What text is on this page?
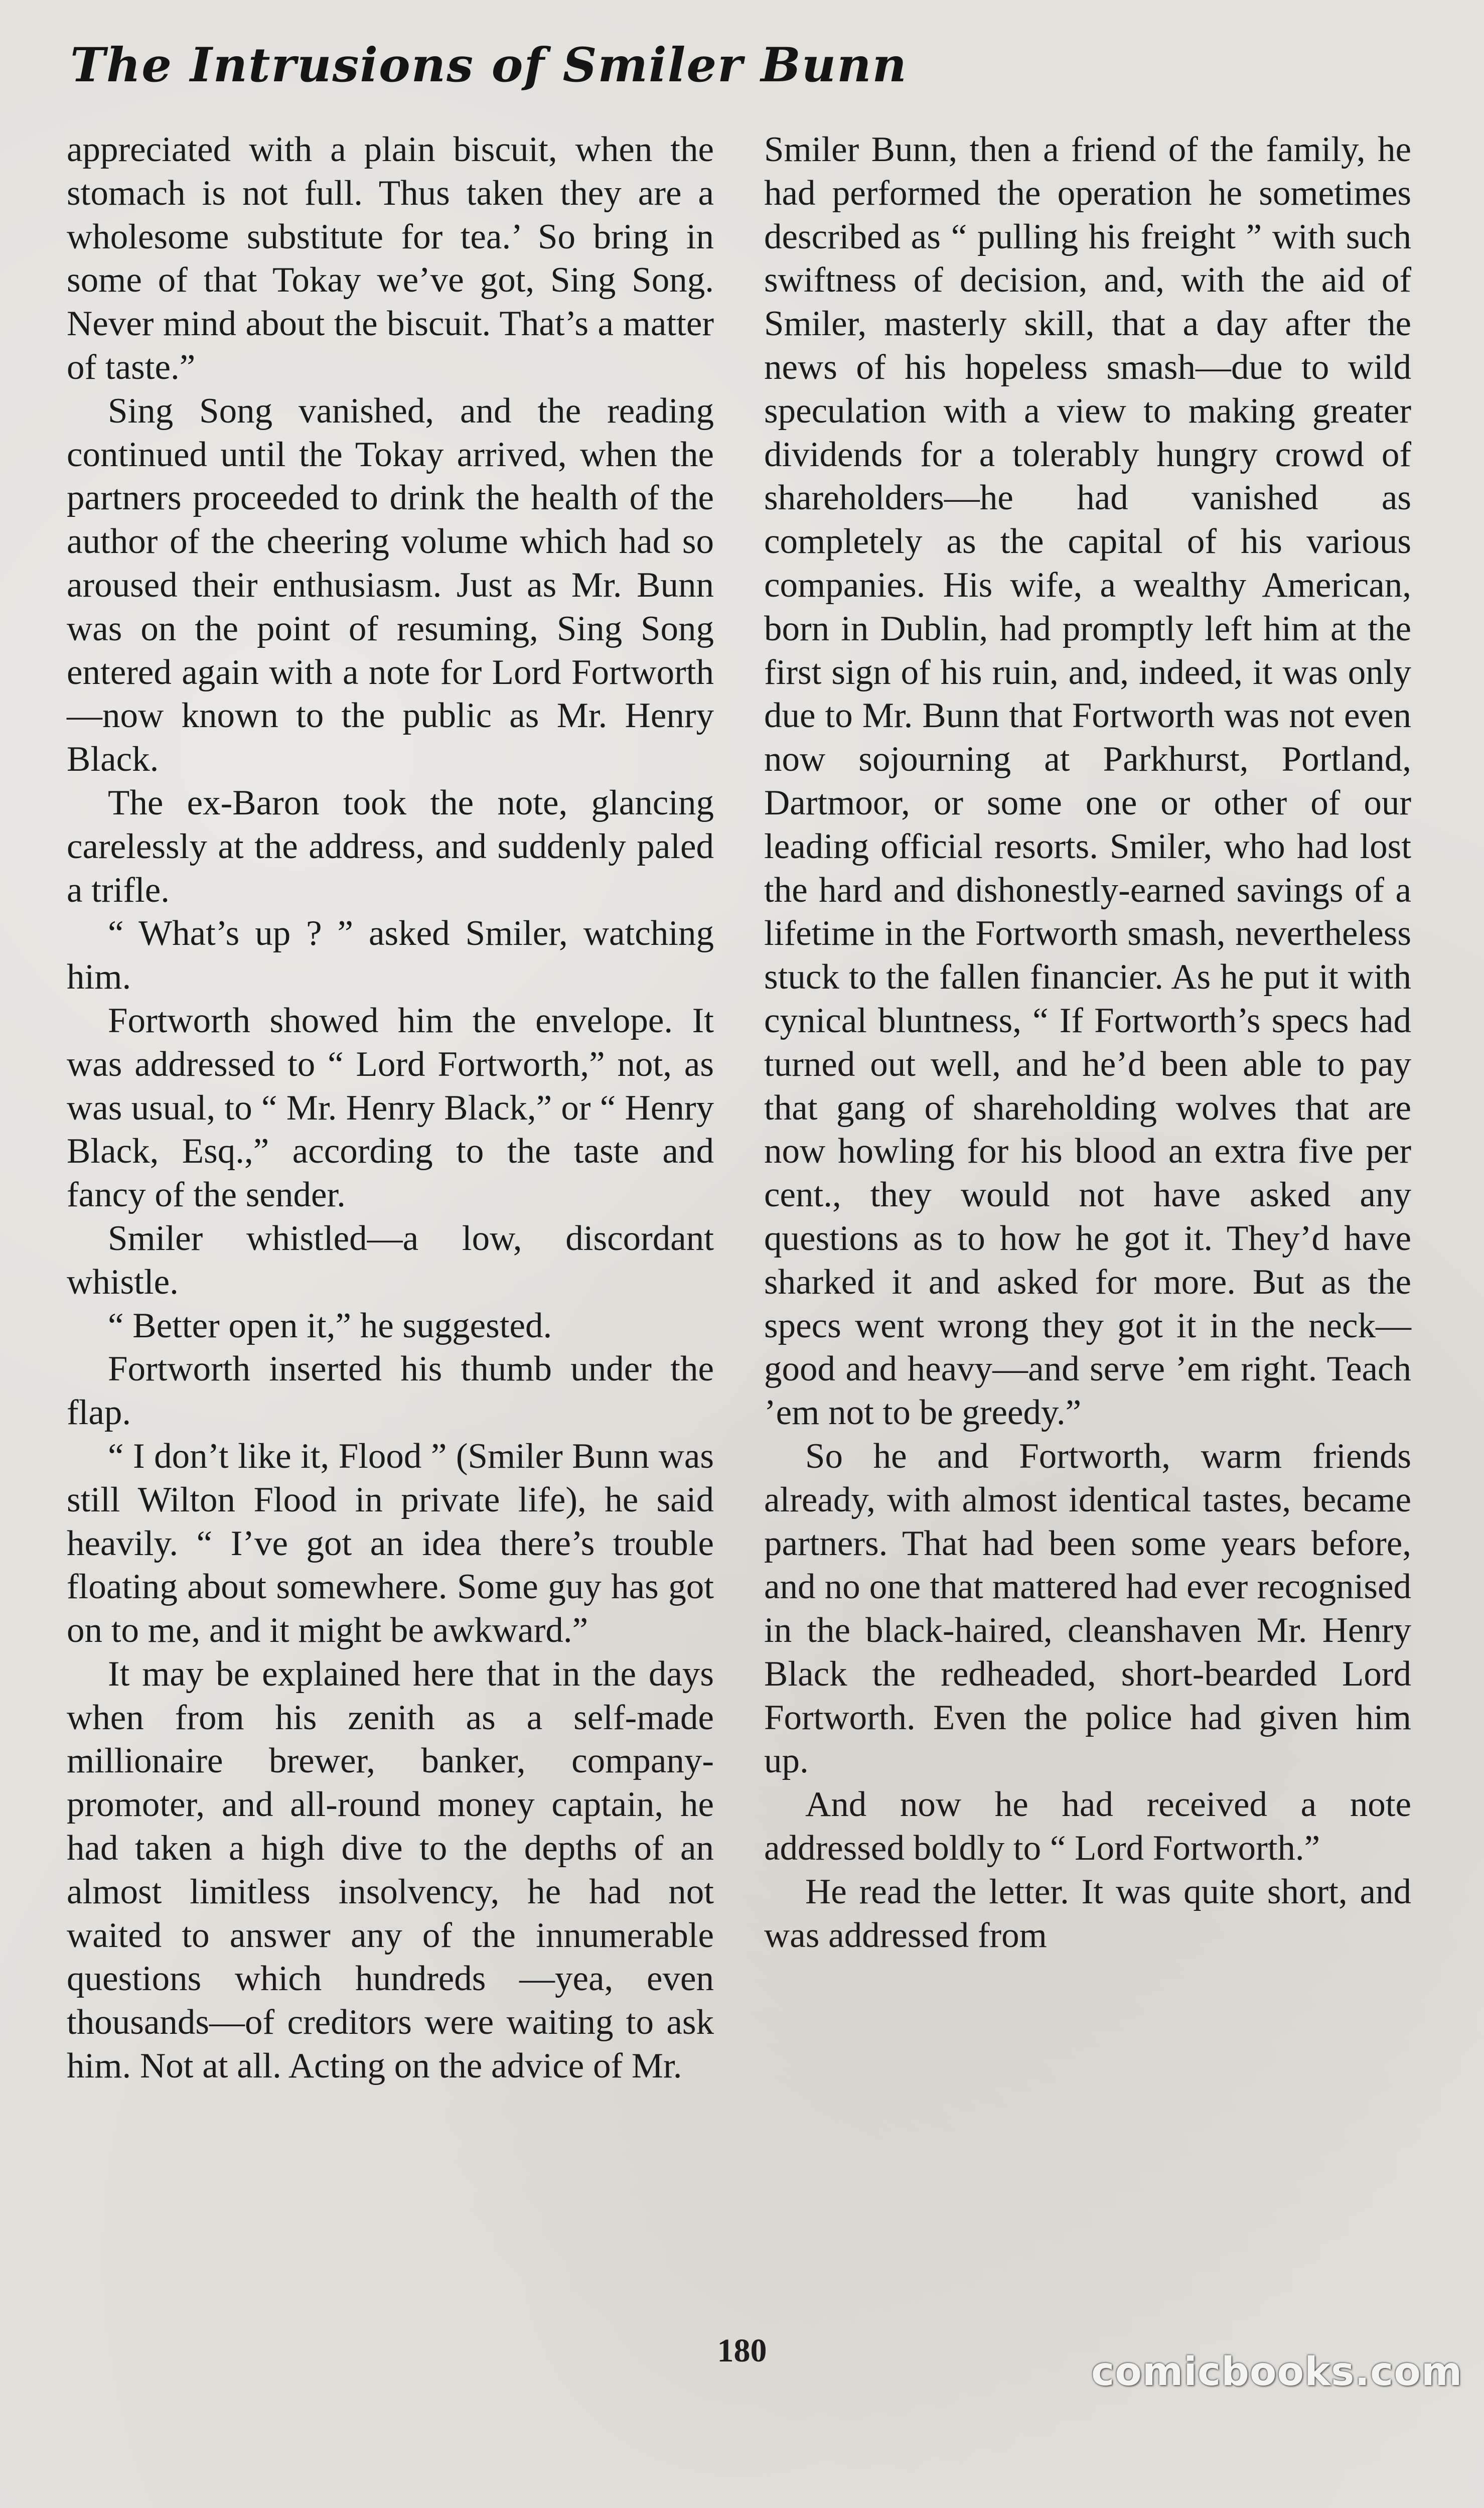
The Intrusions of Smiler Bunn

appreciated with a plain biscuit, when the stomach is not full. Thus taken they are a wholesome substitute for tea.’ So bring in some of that Tokay we’ve got, Sing Song. Never mind about the biscuit. That’s a matter of taste.”

Sing Song vanished, and the reading continued until the Tokay arrived, when the partners proceeded to drink the health of the author of the cheering volume which had so aroused their enthusiasm. Just as Mr. Bunn was on the point of resuming, Sing Song entered again with a note for Lord Fortworth—now known to the public as Mr. Henry Black.

The ex-Baron took the note, glancing carelessly at the address, and suddenly paled a trifle.

“ What’s up ? ” asked Smiler, watching him.

Fortworth showed him the envelope. It was addressed to “ Lord Fortworth,” not, as was usual, to “ Mr. Henry Black,” or “ Henry Black, Esq.,” according to the taste and fancy of the sender.

Smiler whistled—a low, discordant whistle.

“ Better open it,” he suggested.

Fortworth inserted his thumb under the flap.

“ I don’t like it, Flood ” (Smiler Bunn was still Wilton Flood in private life), he said heavily. “ I’ve got an idea there’s trouble floating about somewhere. Some guy has got on to me, and it might be awkward.”

It may be explained here that in the days when from his zenith as a self-made millionaire brewer, banker, company-promoter, and all-round money captain, he had taken a high dive to the depths of an almost limitless insolvency, he had not waited to answer any of the innumerable questions which hundreds —yea, even thousands—of creditors were waiting to ask him. Not at all. Acting on the advice of Mr.

Smiler Bunn, then a friend of the family, he had performed the operation he sometimes described as “ pulling his freight ” with such swiftness of decision, and, with the aid of Smiler, masterly skill, that a day after the news of his hopeless smash—due to wild speculation with a view to making greater dividends for a tolerably hungry crowd of shareholders—he had vanished as completely as the capital of his various companies. His wife, a wealthy American, born in Dublin, had promptly left him at the first sign of his ruin, and, indeed, it was only due to Mr. Bunn that Fortworth was not even now sojourning at Parkhurst, Portland, Dartmoor, or some one or other of our leading official resorts. Smiler, who had lost the hard and dishonestly-earned savings of a lifetime in the Fortworth smash, nevertheless stuck to the fallen financier. As he put it with cynical bluntness, “ If Fortworth’s specs had turned out well, and he’d been able to pay that gang of shareholding wolves that are now howling for his blood an extra five per cent., they would not have asked any questions as to how he got it. They’d have sharked it and asked for more. But as the specs went wrong they got it in the neck—good and heavy—and serve ’em right. Teach ’em not to be greedy.”

So he and Fortworth, warm friends already, with almost identical tastes, became partners. That had been some years before, and no one that mattered had ever recognised in the black-haired, cleanshaven Mr. Henry Black the redheaded, short-bearded Lord Fortworth. Even the police had given him up.

And now he had received a note addressed boldly to “ Lord Fortworth.”

He read the letter. It was quite short, and was addressed from

180	comicbooks.com
